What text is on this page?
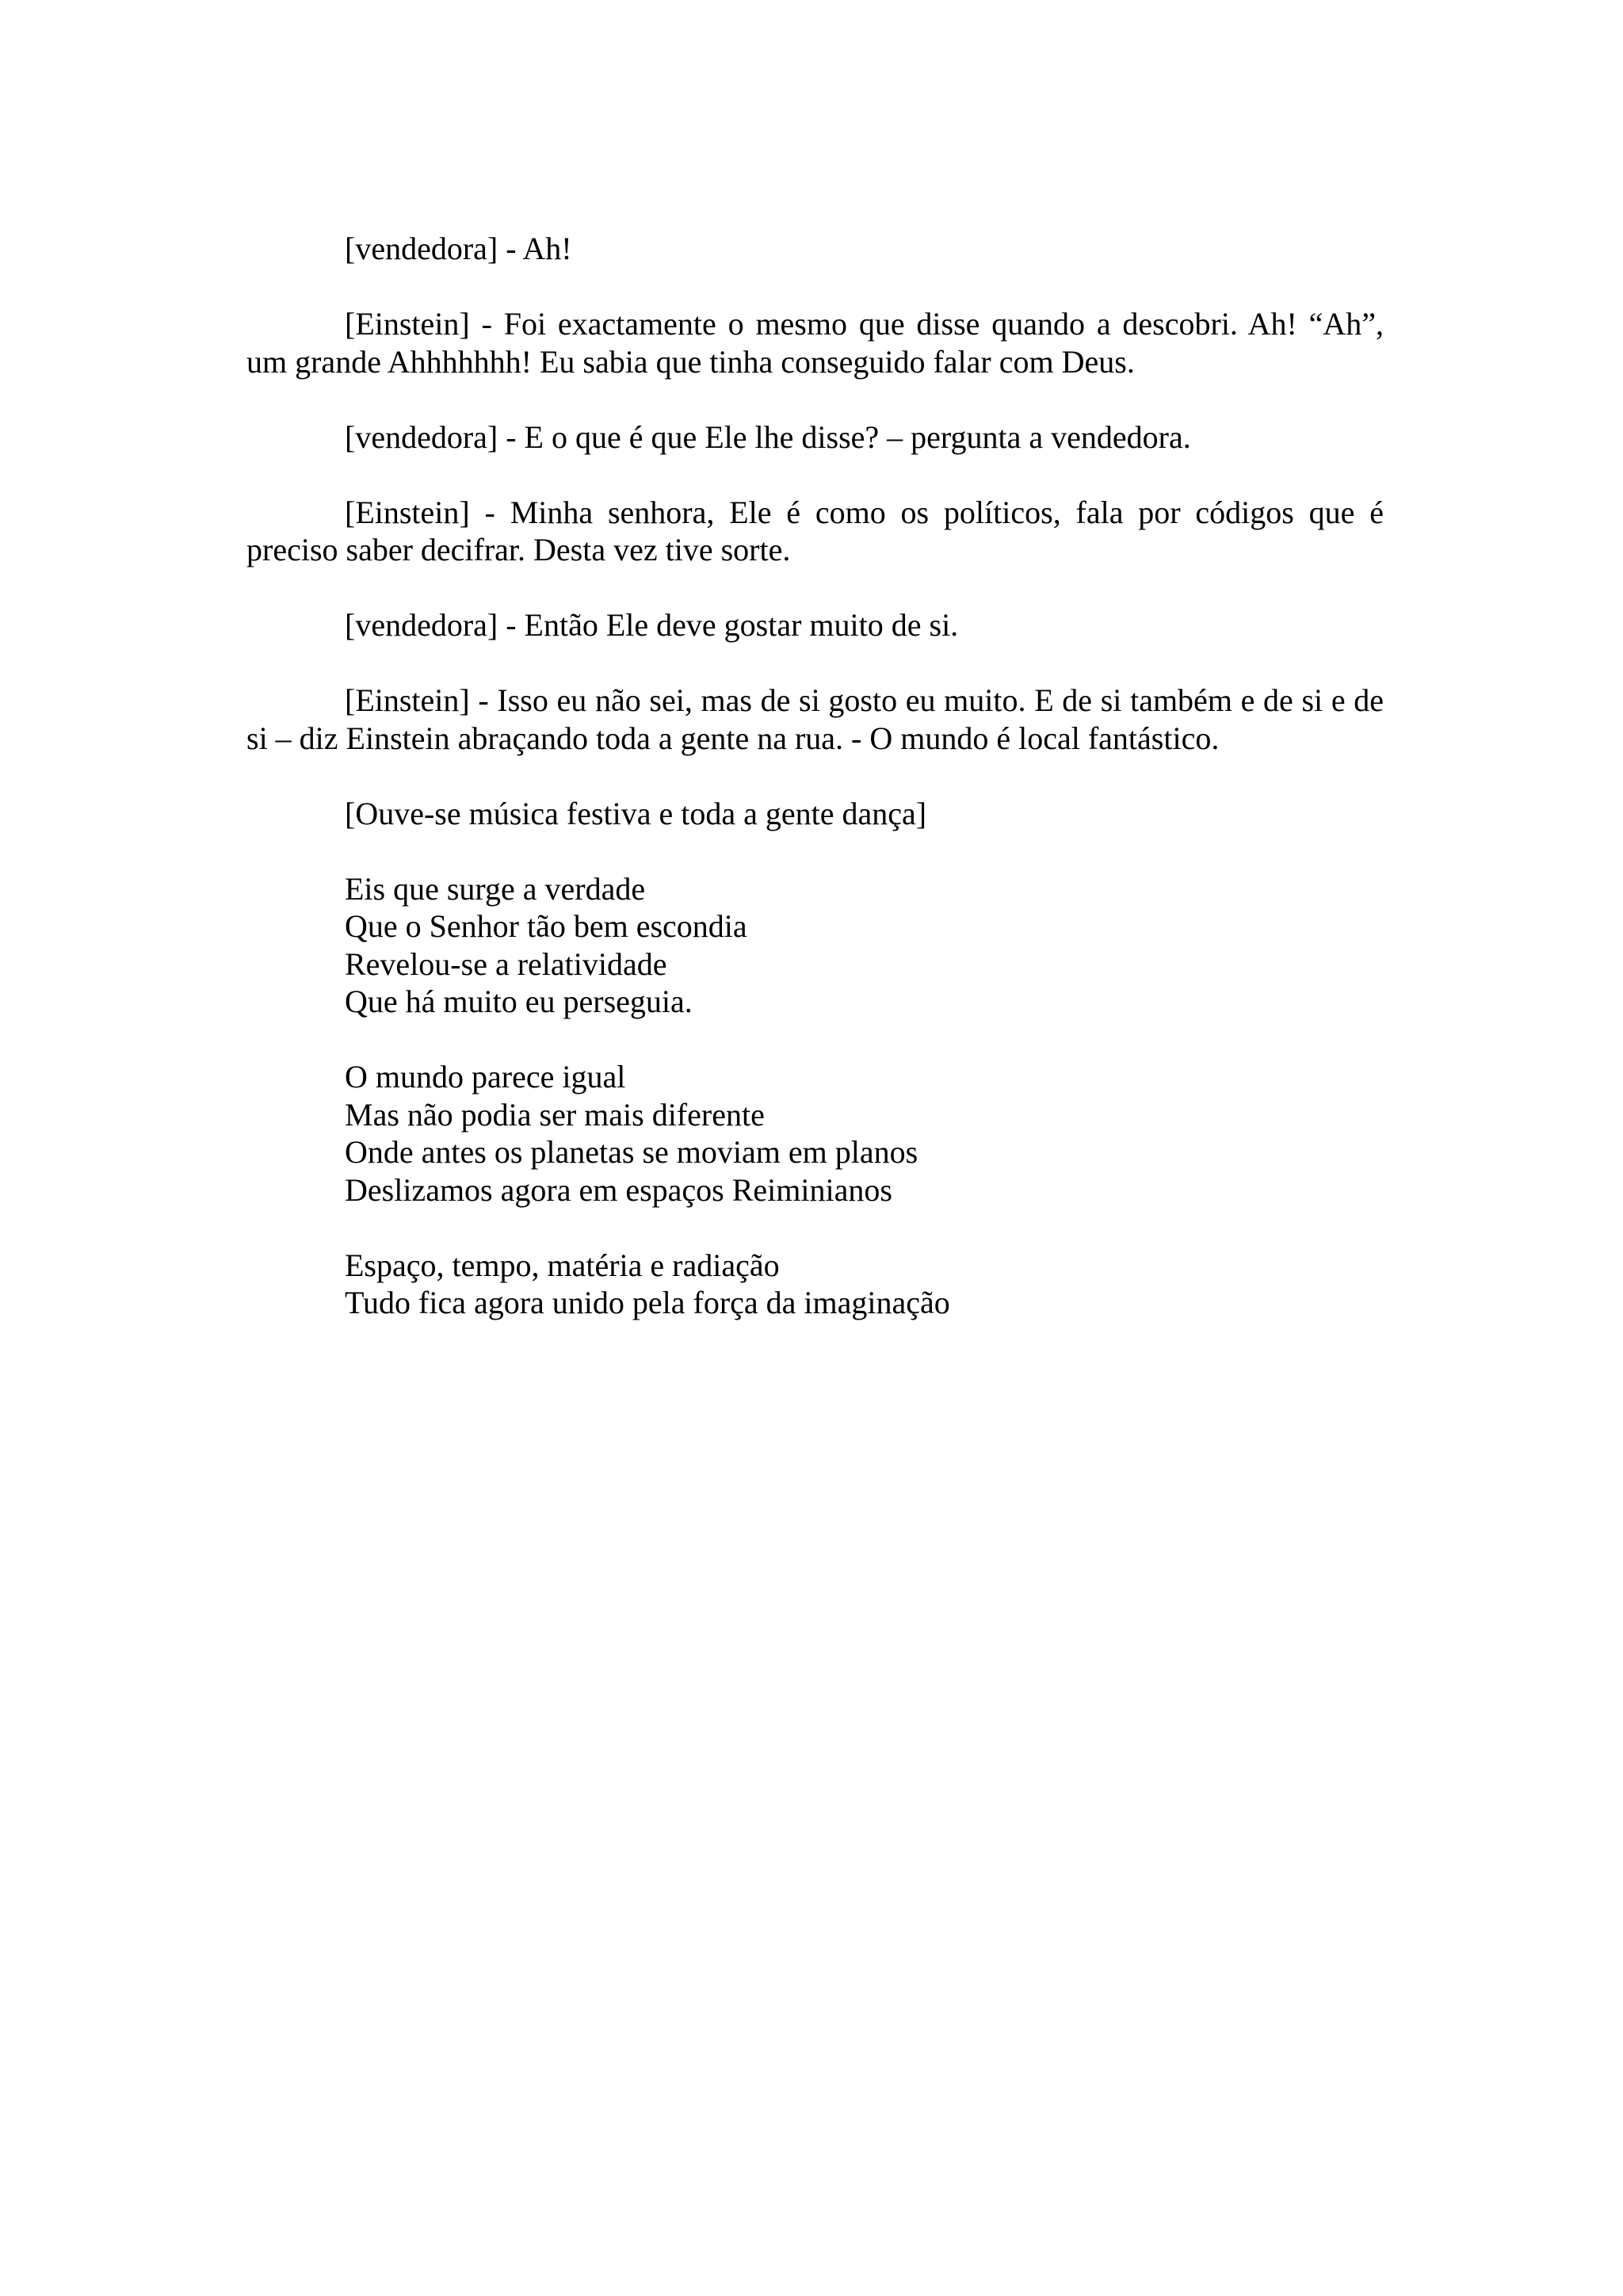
[vendedora] - Ah!

[Einstein] - Foi exactamente o mesmo que disse quando a descobri. Ah! “Ah”, um grande Ahhhhhhh! Eu sabia que tinha conseguido falar com Deus.

[vendedora] - E o que é que Ele lhe disse? – pergunta a vendedora.

[Einstein] - Minha senhora, Ele é como os políticos, fala por códigos que é preciso saber decifrar. Desta vez tive sorte.

[vendedora] - Então Ele deve gostar muito de si.

[Einstein] - Isso eu não sei, mas de si gosto eu muito. E de si também e de si e de si – diz Einstein abraçando toda a gente na rua. - O mundo é local fantástico.

[Ouve-se música festiva e toda a gente dança]

Eis que surge a verdade
Que o Senhor tão bem escondia
Revelou-se a relatividade
Que há muito eu perseguia.
O mundo parece igual
Mas não podia ser mais diferente
Onde antes os planetas se moviam em planos
Deslizamos agora em espaços Reiminianos
Espaço, tempo, matéria e radiação
Tudo fica agora unido pela força da imaginação
